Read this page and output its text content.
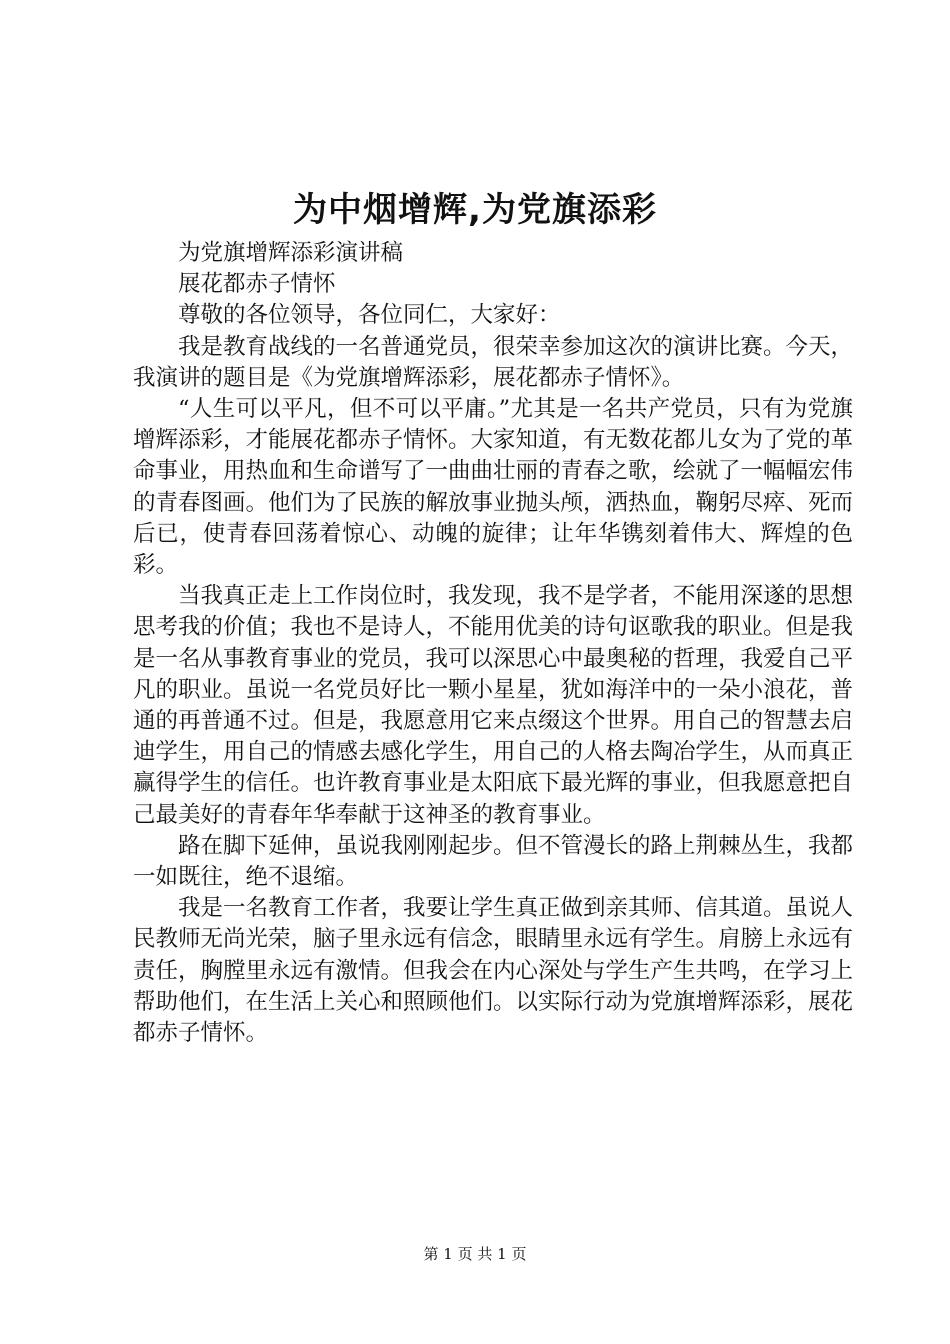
为中烟增辉,为党旗添彩

为党旗增辉添彩演讲稿

展花都赤子情怀

尊敬的各位领导，各位同仁，大家好：

我是教育战线的一名普通党员，很荣幸参加这次的演讲比赛。今天，我演讲的题目是《为党旗增辉添彩，展花都赤子情怀》。

“人生可以平凡，但不可以平庸。”尤其是一名共产党员，只有为党旗增辉添彩，才能展花都赤子情怀。大家知道，有无数花都儿女为了党的革命事业，用热血和生命谱写了一曲曲壮丽的青春之歌，绘就了一幅幅宏伟的青春图画。他们为了民族的解放事业抛头颅，洒热血，鞠躬尽瘁、死而后已，使青春回荡着惊心、动魄的旋律；让年华镌刻着伟大、辉煌的色彩。

当我真正走上工作岗位时，我发现，我不是学者，不能用深遂的思想思考我的价值；我也不是诗人，不能用优美的诗句讴歌我的职业。但是我是一名从事教育事业的党员，我可以深思心中最奥秘的哲理，我爱自己平凡的职业。虽说一名党员好比一颗小星星，犹如海洋中的一朵小浪花，普通的再普通不过。但是，我愿意用它来点缀这个世界。用自己的智慧去启迪学生，用自己的情感去感化学生，用自己的人格去陶冶学生，从而真正赢得学生的信任。也许教育事业是太阳底下最光辉的事业，但我愿意把自己最美好的青春年华奉献于这神圣的教育事业。

路在脚下延伸，虽说我刚刚起步。但不管漫长的路上荆棘丛生，我都一如既往，绝不退缩。

我是一名教育工作者，我要让学生真正做到亲其师、信其道。虽说人民教师无尚光荣，脑子里永远有信念，眼睛里永远有学生。肩膀上永远有责任，胸膛里永远有激情。但我会在内心深处与学生产生共鸣，在学习上帮助他们，在生活上关心和照顾他们。以实际行动为党旗增辉添彩，展花都赤子情怀。

第 1 页 共 1 页
